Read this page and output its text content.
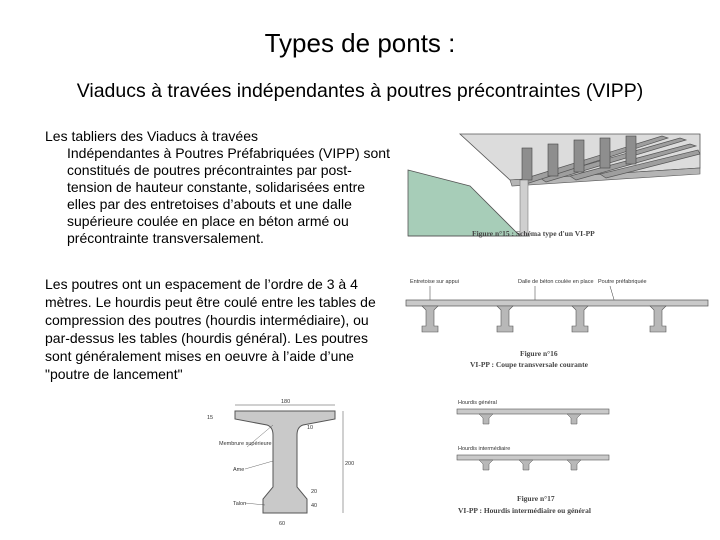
Types de ponts :
Viaducs à travées indépendantes à poutres précontraintes (VIPP)
Les tabliers des Viaducs à travées
Indépendantes à Poutres Préfabriquées (VIPP) sont constitués de poutres précontraintes par post-tension de hauteur constante, solidarisées entre elles par des entretoises d’abouts et une dalle supérieure coulée en place en béton armé ou précontrainte transversalement.
Les poutres ont un espacement de l’ordre de 3 à 4 mètres. Le hourdis peut être coulé entre les tables de compression des poutres (hourdis intermédiaire), ou par-dessus les tables (hourdis général). Les poutres sont généralement mises en oeuvre à l’aide d’une "poutre de lancement"
Figure n°15 : Schéma type d'un VI-PP
Entretoise sur appui	Dalle de béton coulée en place Poutre préfabriquée
Figure n°16
VI-PP : Coupe transversale courante
Hourdis général
Hourdis intermédiaire
Figure n°17
VI-PP : Hourdis intermédiaire ou général
180
200
15
10
20
40
60
Membrure supérieure
Ame
Talon
